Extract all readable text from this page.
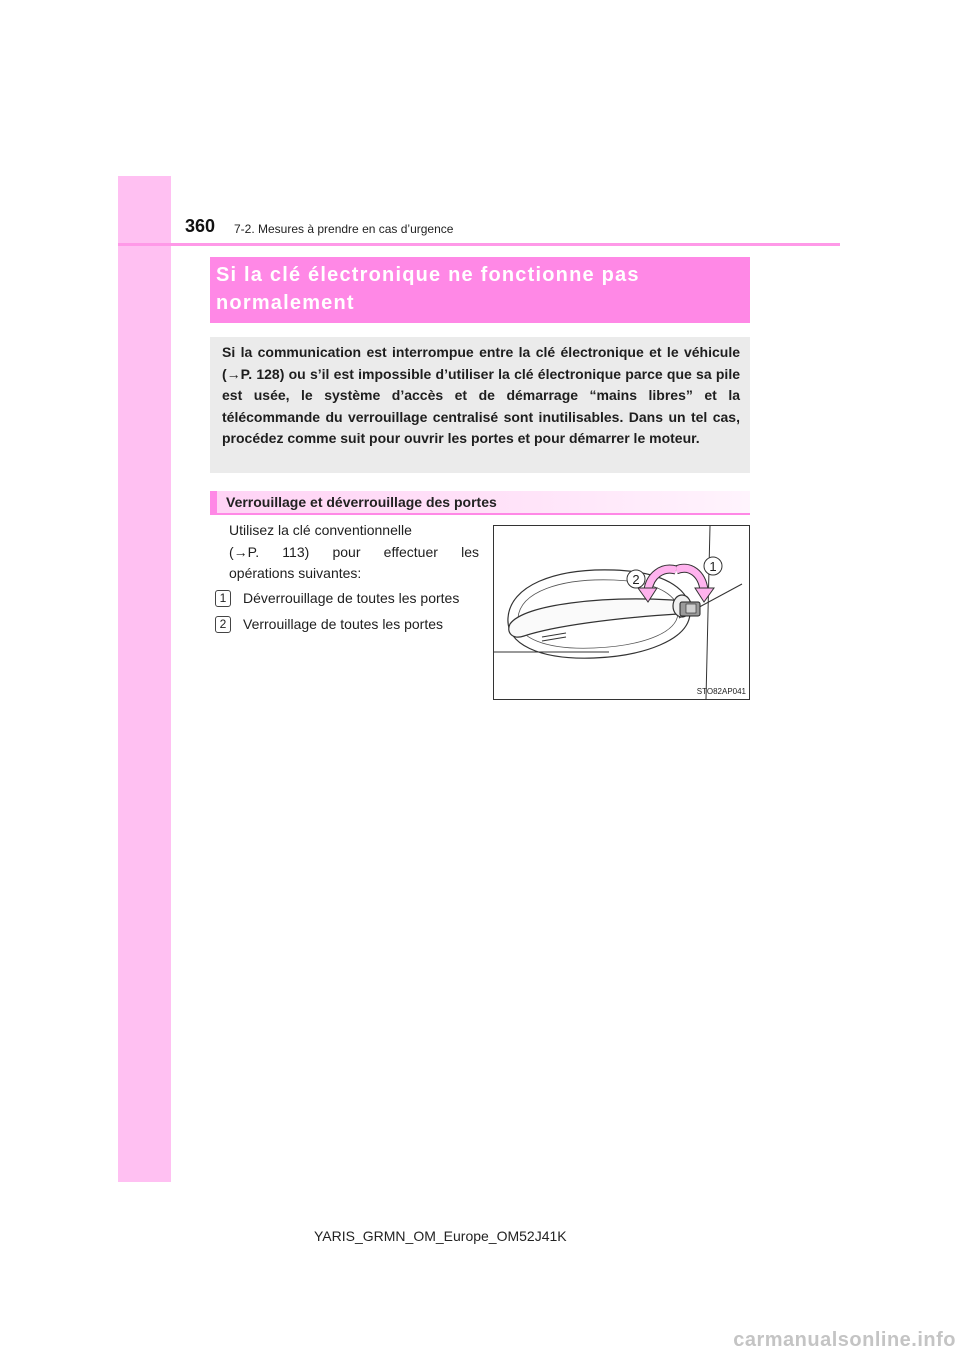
360 7-2. Mesures à prendre en cas d’urgence
Si la clé électronique ne fonctionne pas
normalement

Si la communication est interrompue entre la clé électronique et le véhicule (→P. 128) ou s’il est impossible d’utiliser la clé électronique parce que sa pile est usée, le système d’accès et de démarrage “mains libres” et la télécommande du verrouillage centralisé sont inutilisables. Dans un tel cas, procédez comme suit pour ouvrir les portes et pour démarrer le moteur.

Verrouillage et déverrouillage des portes

Utilisez la clé conventionnelle

(→P. 113) pour effectuer les

opérations suivantes:

1	Déverrouillage de toutes les portes
2	Verrouillage de toutes les portes
1
2
STO82AP041
YARIS_GRMN_OM_Europe_OM52J41K
carmanualsonline.info
